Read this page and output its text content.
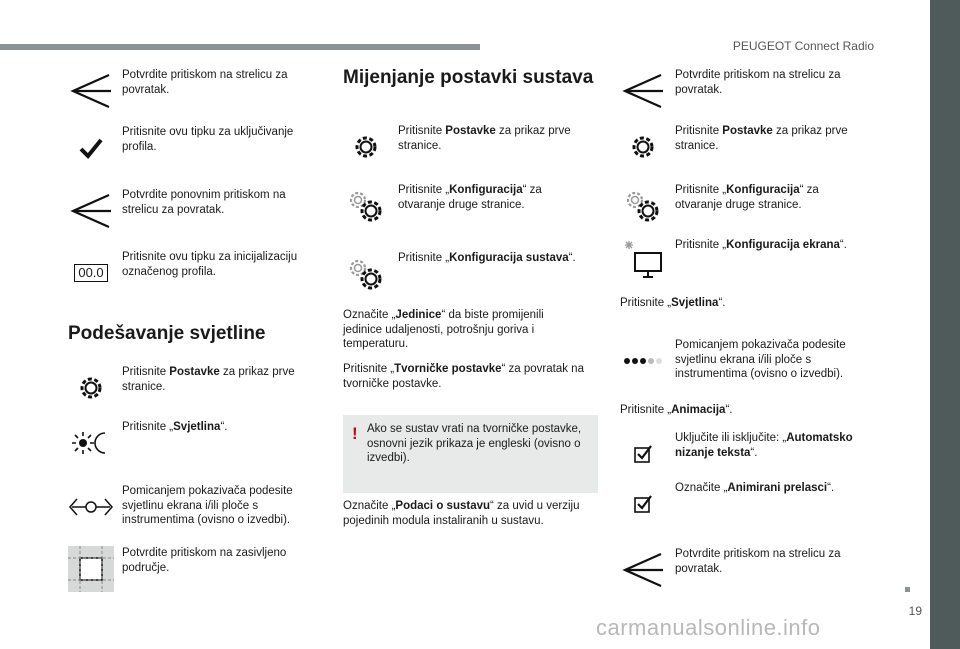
PEUGEOT Connect Radio
19
Potvrdite pritiskom na strelicu za povratak.
Pritisnite ovu tipku za uključivanje profila.
Potvrdite ponovnim pritiskom na strelicu za povratak.
00.0
Pritisnite ovu tipku za inicijalizaciju označenog profila.
Podešavanje svjetline
Pritisnite Postavke za prikaz prve stranice.
Pritisnite „Svjetlina“.
Pomicanjem pokazivača podesite svjetlinu ekrana i/ili ploče s instrumentima (ovisno o izvedbi).
Potvrdite pritiskom na zasivljeno područje.
Mijenjanje postavki sustava
Pritisnite Postavke za prikaz prve stranice.
Pritisnite „Konfiguracija“ za otvaranje druge stranice.
Pritisnite „Konfiguracija sustava“.
Označite „Jedinice“ da biste promijenili jedinice udaljenosti, potrošnju goriva i temperaturu.
Pritisnite „Tvorničke postavke“ za povratak na tvorničke postavke.
! Ako se sustav vrati na tvorničke postavke, osnovni jezik prikaza je engleski (ovisno o izvedbi).
Označite „Podaci o sustavu“ za uvid u verziju pojedinih modula instaliranih u sustavu.
Potvrdite pritiskom na strelicu za povratak.
Pritisnite Postavke za prikaz prve stranice.
Pritisnite „Konfiguracija“ za otvaranje druge stranice.
Pritisnite „Konfiguracija ekrana“.
Pritisnite „Svjetlina“.
Pomicanjem pokazivača podesite svjetlinu ekrana i/ili ploče s instrumentima (ovisno o izvedbi).
Pritisnite „Animacija“.
Uključite ili isključite: „Automatsko nizanje teksta“.
Označite „Animirani prelasci“.
Potvrdite pritiskom na strelicu za povratak.
carmanualsonline.info
